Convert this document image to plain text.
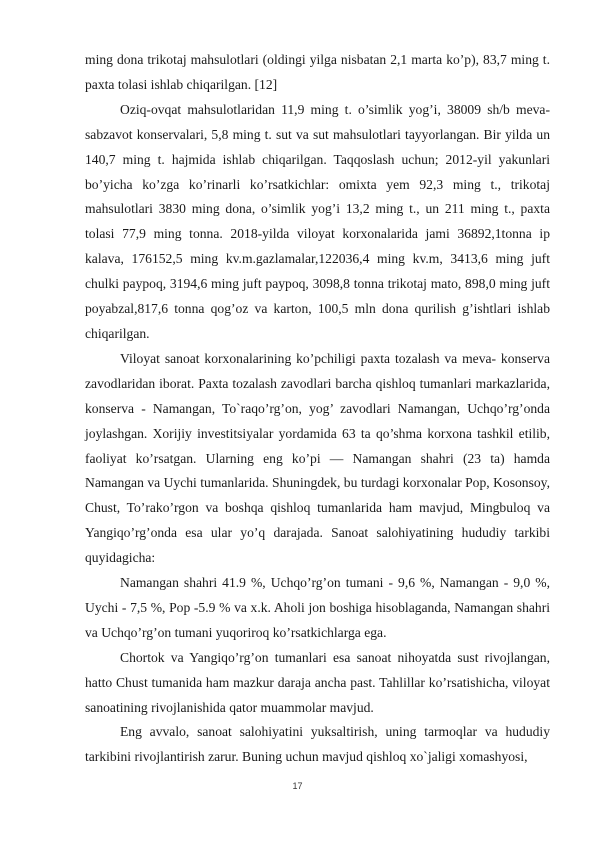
ming dona trikotaj mahsulotlari (oldingi yilga nisbatan 2,1 marta ko’p), 83,7 ming t. paxta tolasi ishlab chiqarilgan. [12]

Oziq-ovqat mahsulotlaridan 11,9 ming t. o’simlik yog’i, 38009 sh/b meva-sabzavot konservalari, 5,8 ming t. sut va sut mahsulotlari tayyorlangan. Bir yilda un 140,7 ming t. hajmida ishlab chiqarilgan. Taqqoslash uchun; 2012-yil yakunlari bo’yicha ko’zga ko’rinarli ko’rsatkichlar: omixta yem 92,3 ming t., trikotaj mahsulotlari 3830 ming dona, o’simlik yog’i 13,2 ming t., un 211 ming t., paxta tolasi 77,9 ming tonna. 2018-yilda viloyat korxonalarida jami 36892,1tonna ip kalava, 176152,5 ming kv.m.gazlamalar,122036,4 ming kv.m, 3413,6 ming juft chulki paypoq, 3194,6 ming juft paypoq, 3098,8 tonna trikotaj mato, 898,0 ming juft poyabzal,817,6 tonna qog’oz va karton, 100,5 mln dona qurilish g’ishtlari ishlab chiqarilgan.

Viloyat sanoat korxonalarining ko’pchiligi paxta tozalash va meva- konserva zavodlaridan iborat. Paxta tozalash zavodlari barcha qishloq tumanlari markazlarida, konserva - Namangan, To`raqo’rg’on, yog’ zavodlari Namangan, Uchqo’rg’onda joylashgan. Xorijiy investitsiyalar yordamida 63 ta qo’shma korxona tashkil etilib, faoliyat ko’rsatgan. Ularning eng ko’pi — Namangan shahri (23 ta) hamda Namangan va Uychi tumanlarida. Shuningdek, bu turdagi korxonalar Pop, Kosonsoy, Chust, To’rako’rgon va boshqa qishloq tumanlarida ham mavjud, Mingbuloq va Yangiqo’rg’onda esa ular yo’q darajada. Sanoat salohiyatining hududiy tarkibi quyidagicha:

Namangan shahri 41.9 %, Uchqo’rg’on tumani - 9,6 %, Namangan - 9,0 %, Uychi - 7,5 %, Pop -5.9 % va x.k. Aholi jon boshiga hisoblaganda, Namangan shahri va Uchqo’rg’on tumani yuqoriroq ko’rsatkichlarga ega.

Chortok va Yangiqo’rg’on tumanlari esa sanoat nihoyatda sust rivojlangan, hatto Chust tumanida ham mazkur daraja ancha past. Tahlillar ko’rsatishicha, viloyat sanoatining rivojlanishida qator muammolar mavjud.

Eng avvalo, sanoat salohiyatini yuksaltirish, uning tarmoqlar va hududiy tarkibini rivojlantirish zarur. Buning uchun mavjud qishloq xo`jaligi xomashyosi,

17
